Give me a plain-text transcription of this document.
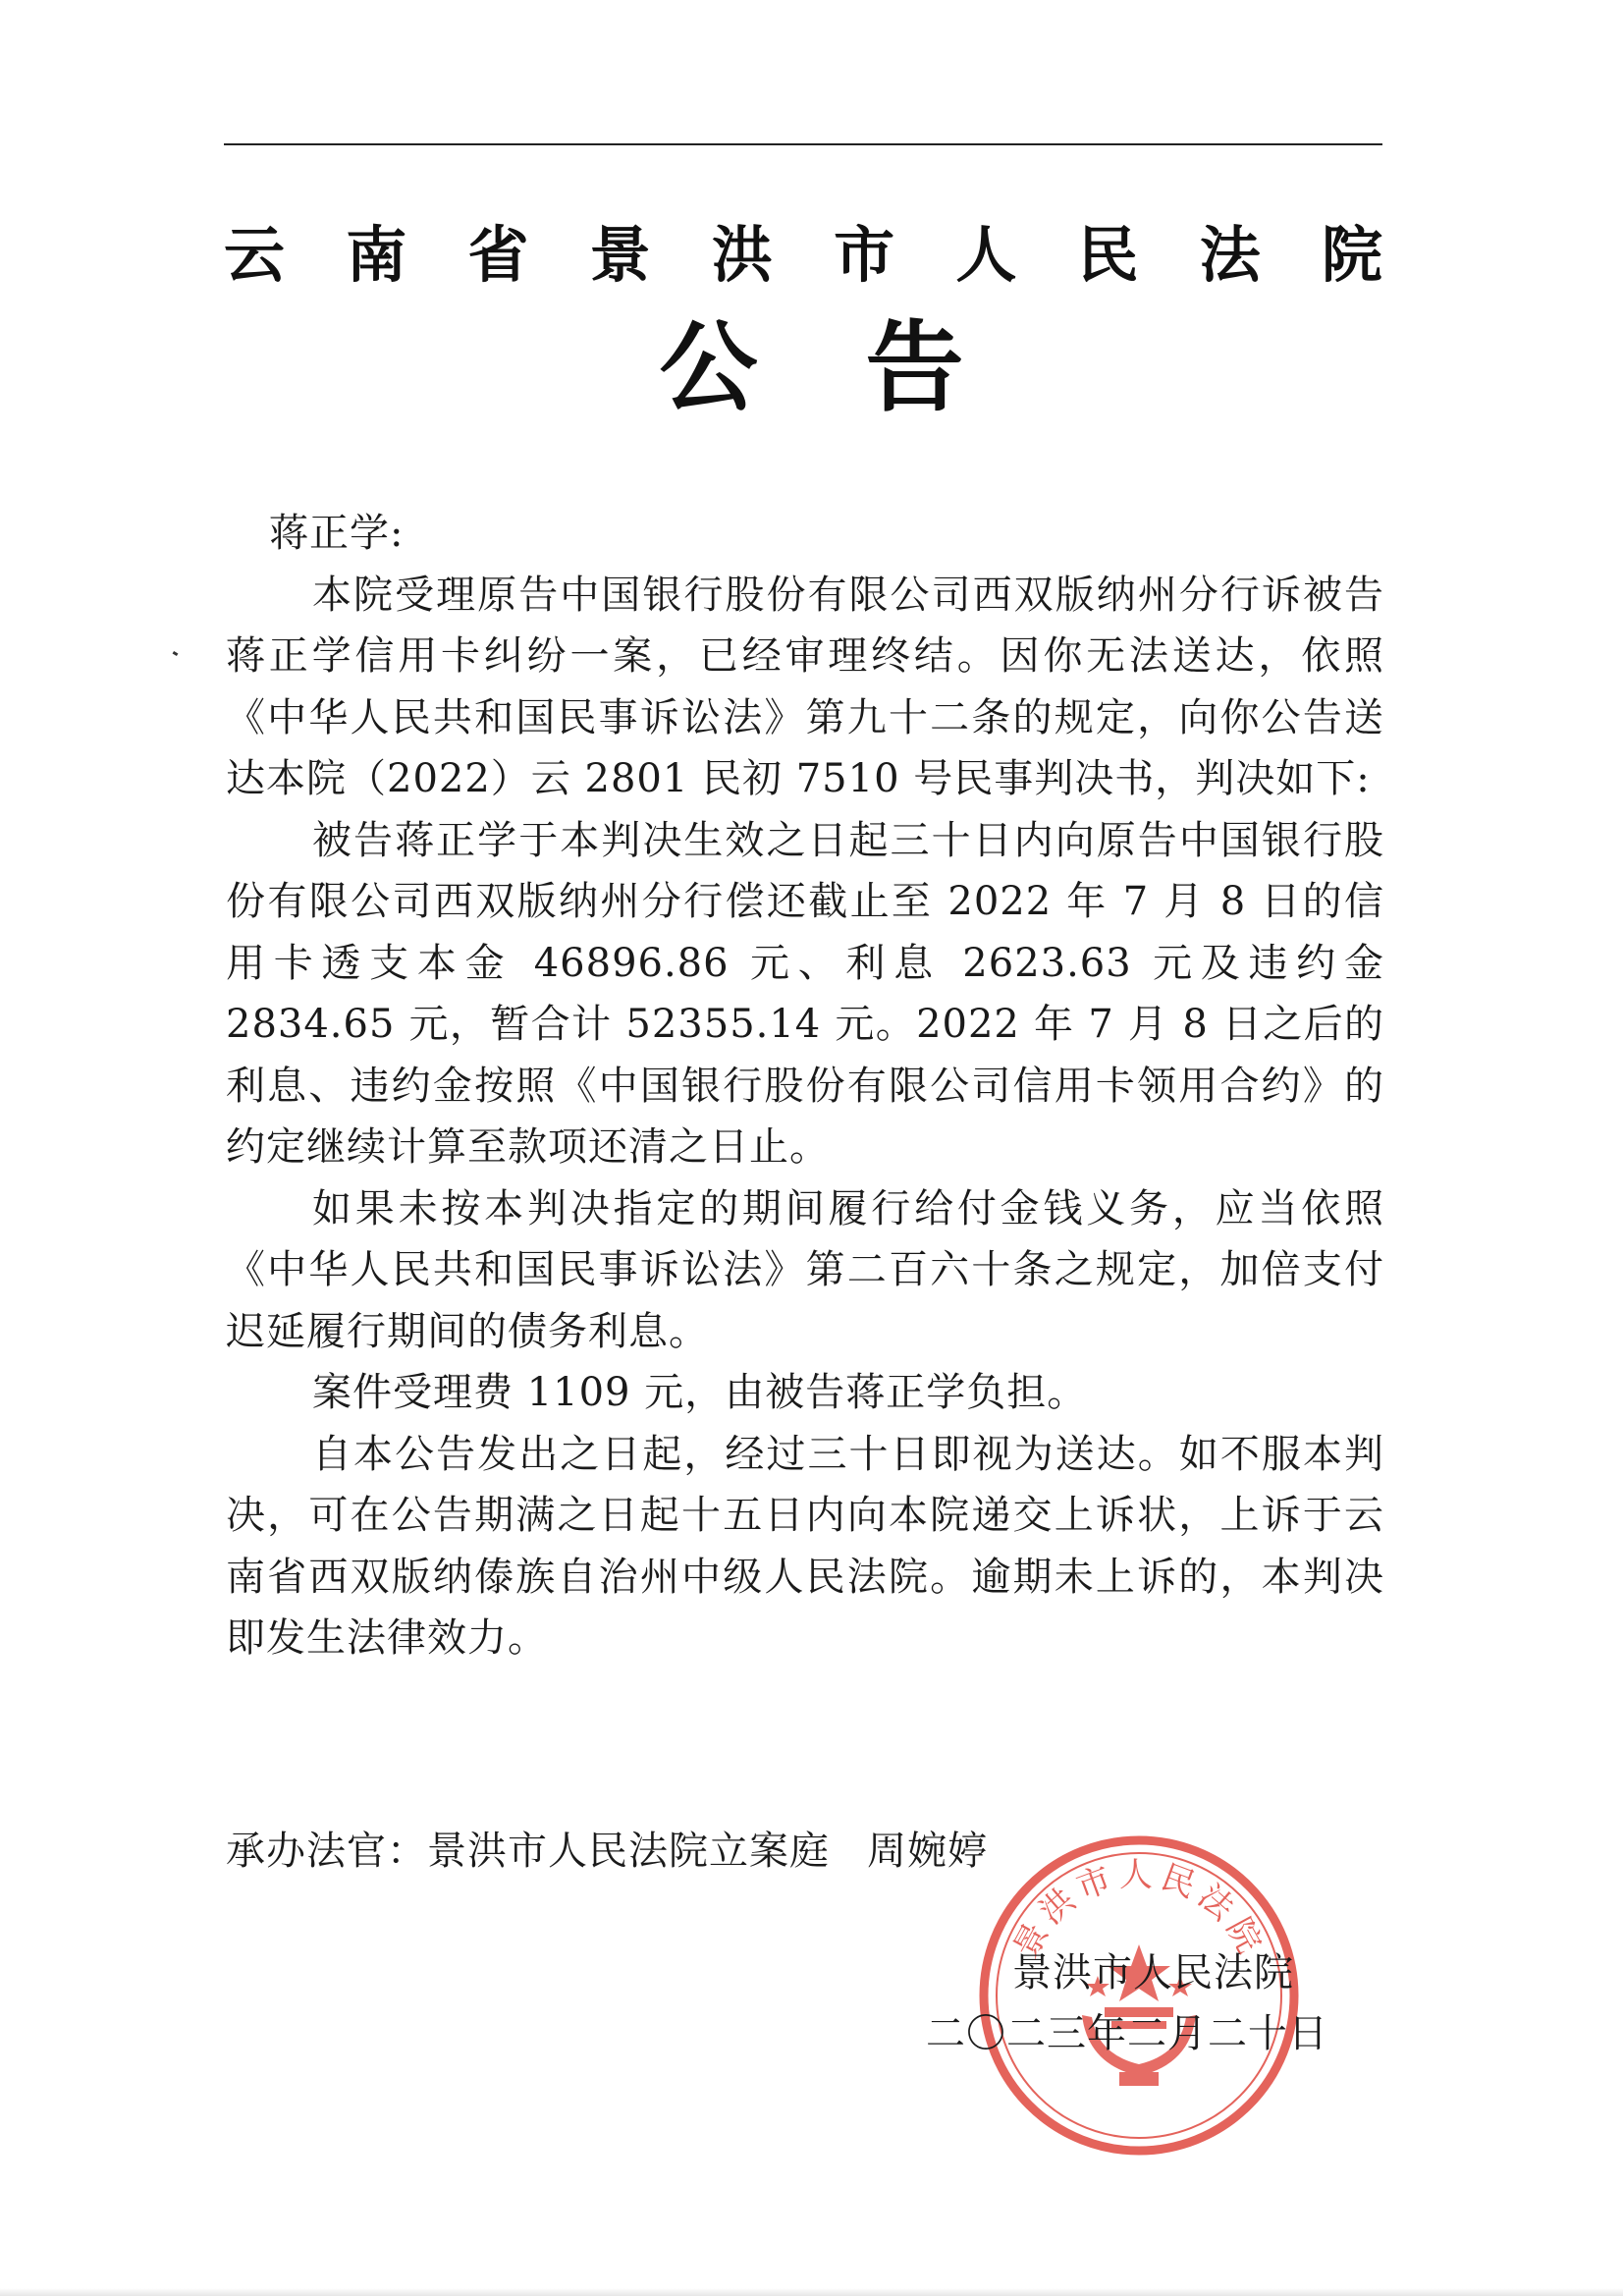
云 南 省 景 洪 市 人 民 法 院
公告

蒋正学:

本院受理原告中国银行股份有限公司西双版纳州分行诉被告蒋正学信用卡纠纷一案，已经审理终结。因你无法送达，依照《中华人民共和国民事诉讼法》第九十二条的规定，向你公告送达本院（2022）云 2801 民初 7510 号民事判决书，判决如下:

被告蒋正学于本判决生效之日起三十日内向原告中国银行股份有限公司西双版纳州分行偿还截止至 2022 年 7 月 8 日的信用卡透支本金 46896.86 元、利息 2623.63 元及违约金 2834.65 元，暂合计 52355.14 元。2022 年 7 月 8 日之后的利息、违约金按照《中国银行股份有限公司信用卡领用合约》的约定继续计算至款项还清之日止。

如果未按本判决指定的期间履行给付金钱义务，应当依照《中华人民共和国民事诉讼法》第二百六十条之规定，加倍支付迟延履行期间的债务利息。

案件受理费 1109 元，由被告蒋正学负担。

自本公告发出之日起，经过三十日即视为送达。如不服本判决，可在公告期满之日起十五日内向本院递交上诉状，上诉于云南省西双版纳傣族自治州中级人民法院。逾期未上诉的，本判决即发生法律效力。

承办法官：景洪市人民法院立案庭 周婉婷
景洪市人民法院
景洪市人民法院
二〇二三年二月二十日
